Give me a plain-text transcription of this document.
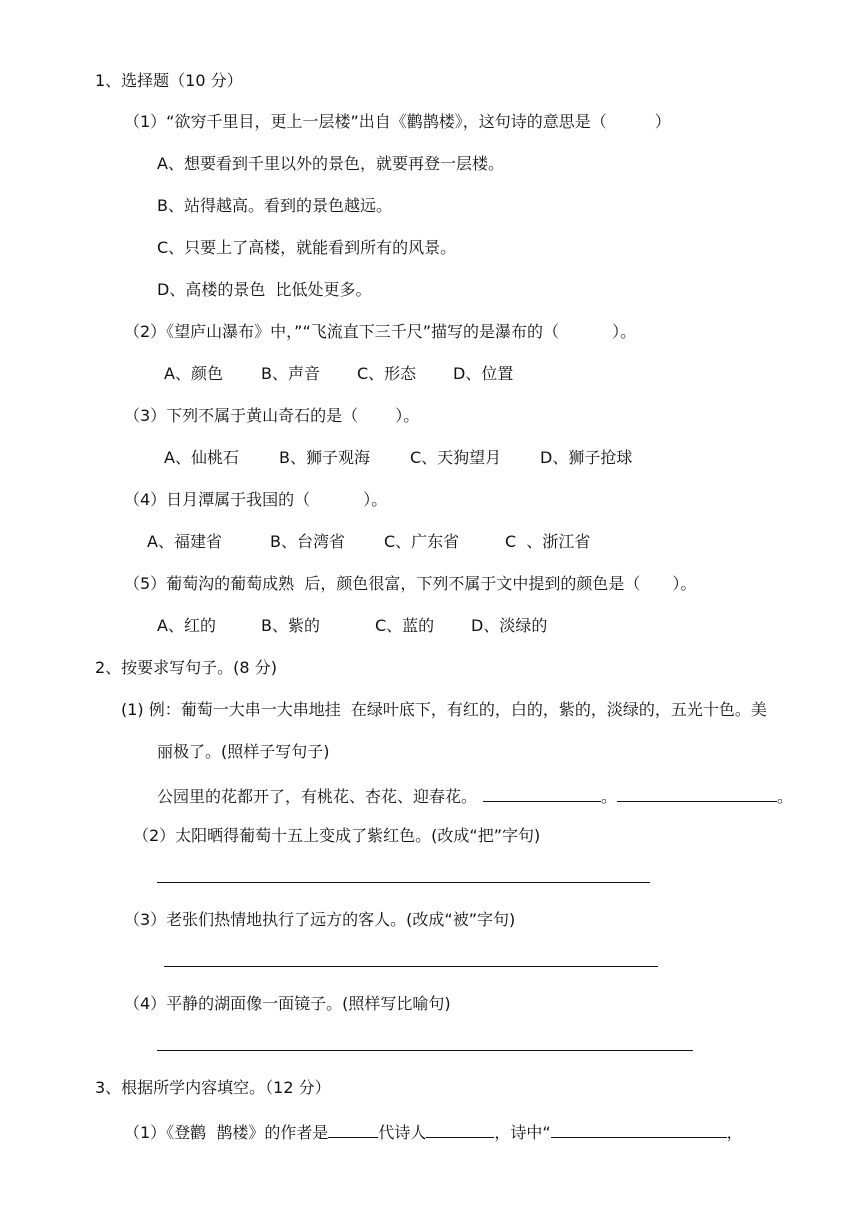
1、选择题（10 分）
（1）“欲穷千里目，更上一层楼”出自《鹳鹊楼》，这句诗的意思是（　　　）
A、想要看到千里以外的景色，就要再登一层楼。
B、站得越高。看到的景色越远。
C、只要上了高楼，就能看到所有的风景。
D、高楼的景色  比低处更多。
（2）《望庐山瀑布》中，”“飞流直下三千尺”描写的是瀑布的（　　　 ）。
A、颜色 B、声音 C、形态 D、位置
（3）下列不属于黄山奇石的是（　　 ）。
A、仙桃石	B、狮子观海	C、天狗望月 D、狮子抢球
（4）日月潭属于我国的（　　　 ）。
A、福建省	B、台湾省 C、广东省	C  、浙江省
（5）葡萄沟的葡萄成熟  后，颜色很富，下列不属于文中提到的颜色是（　　）。
A、红的	B、紫的	C、蓝的 D、淡绿的
2、按要求写句子。(8 分)
(1) 例：葡萄一大串一大串地挂  在绿叶底下，有红的，白的，紫的，淡绿的，五光十色。美
丽极了。(照样子写句子)
公园里的花都开了，有桃花、杏花、迎春花。	。	。
（2）太阳晒得葡萄十五上变成了紫红色。(改成“把”字句)
（3）老张们热情地执行了远方的客人。(改成“被”字句)
（4）平静的湖面像一面镜子。(照样写比喻句)
3、根据所学内容填空。（12 分）
（1）《登鹳  鹊楼》的作者是	代诗人	，诗中“	，
